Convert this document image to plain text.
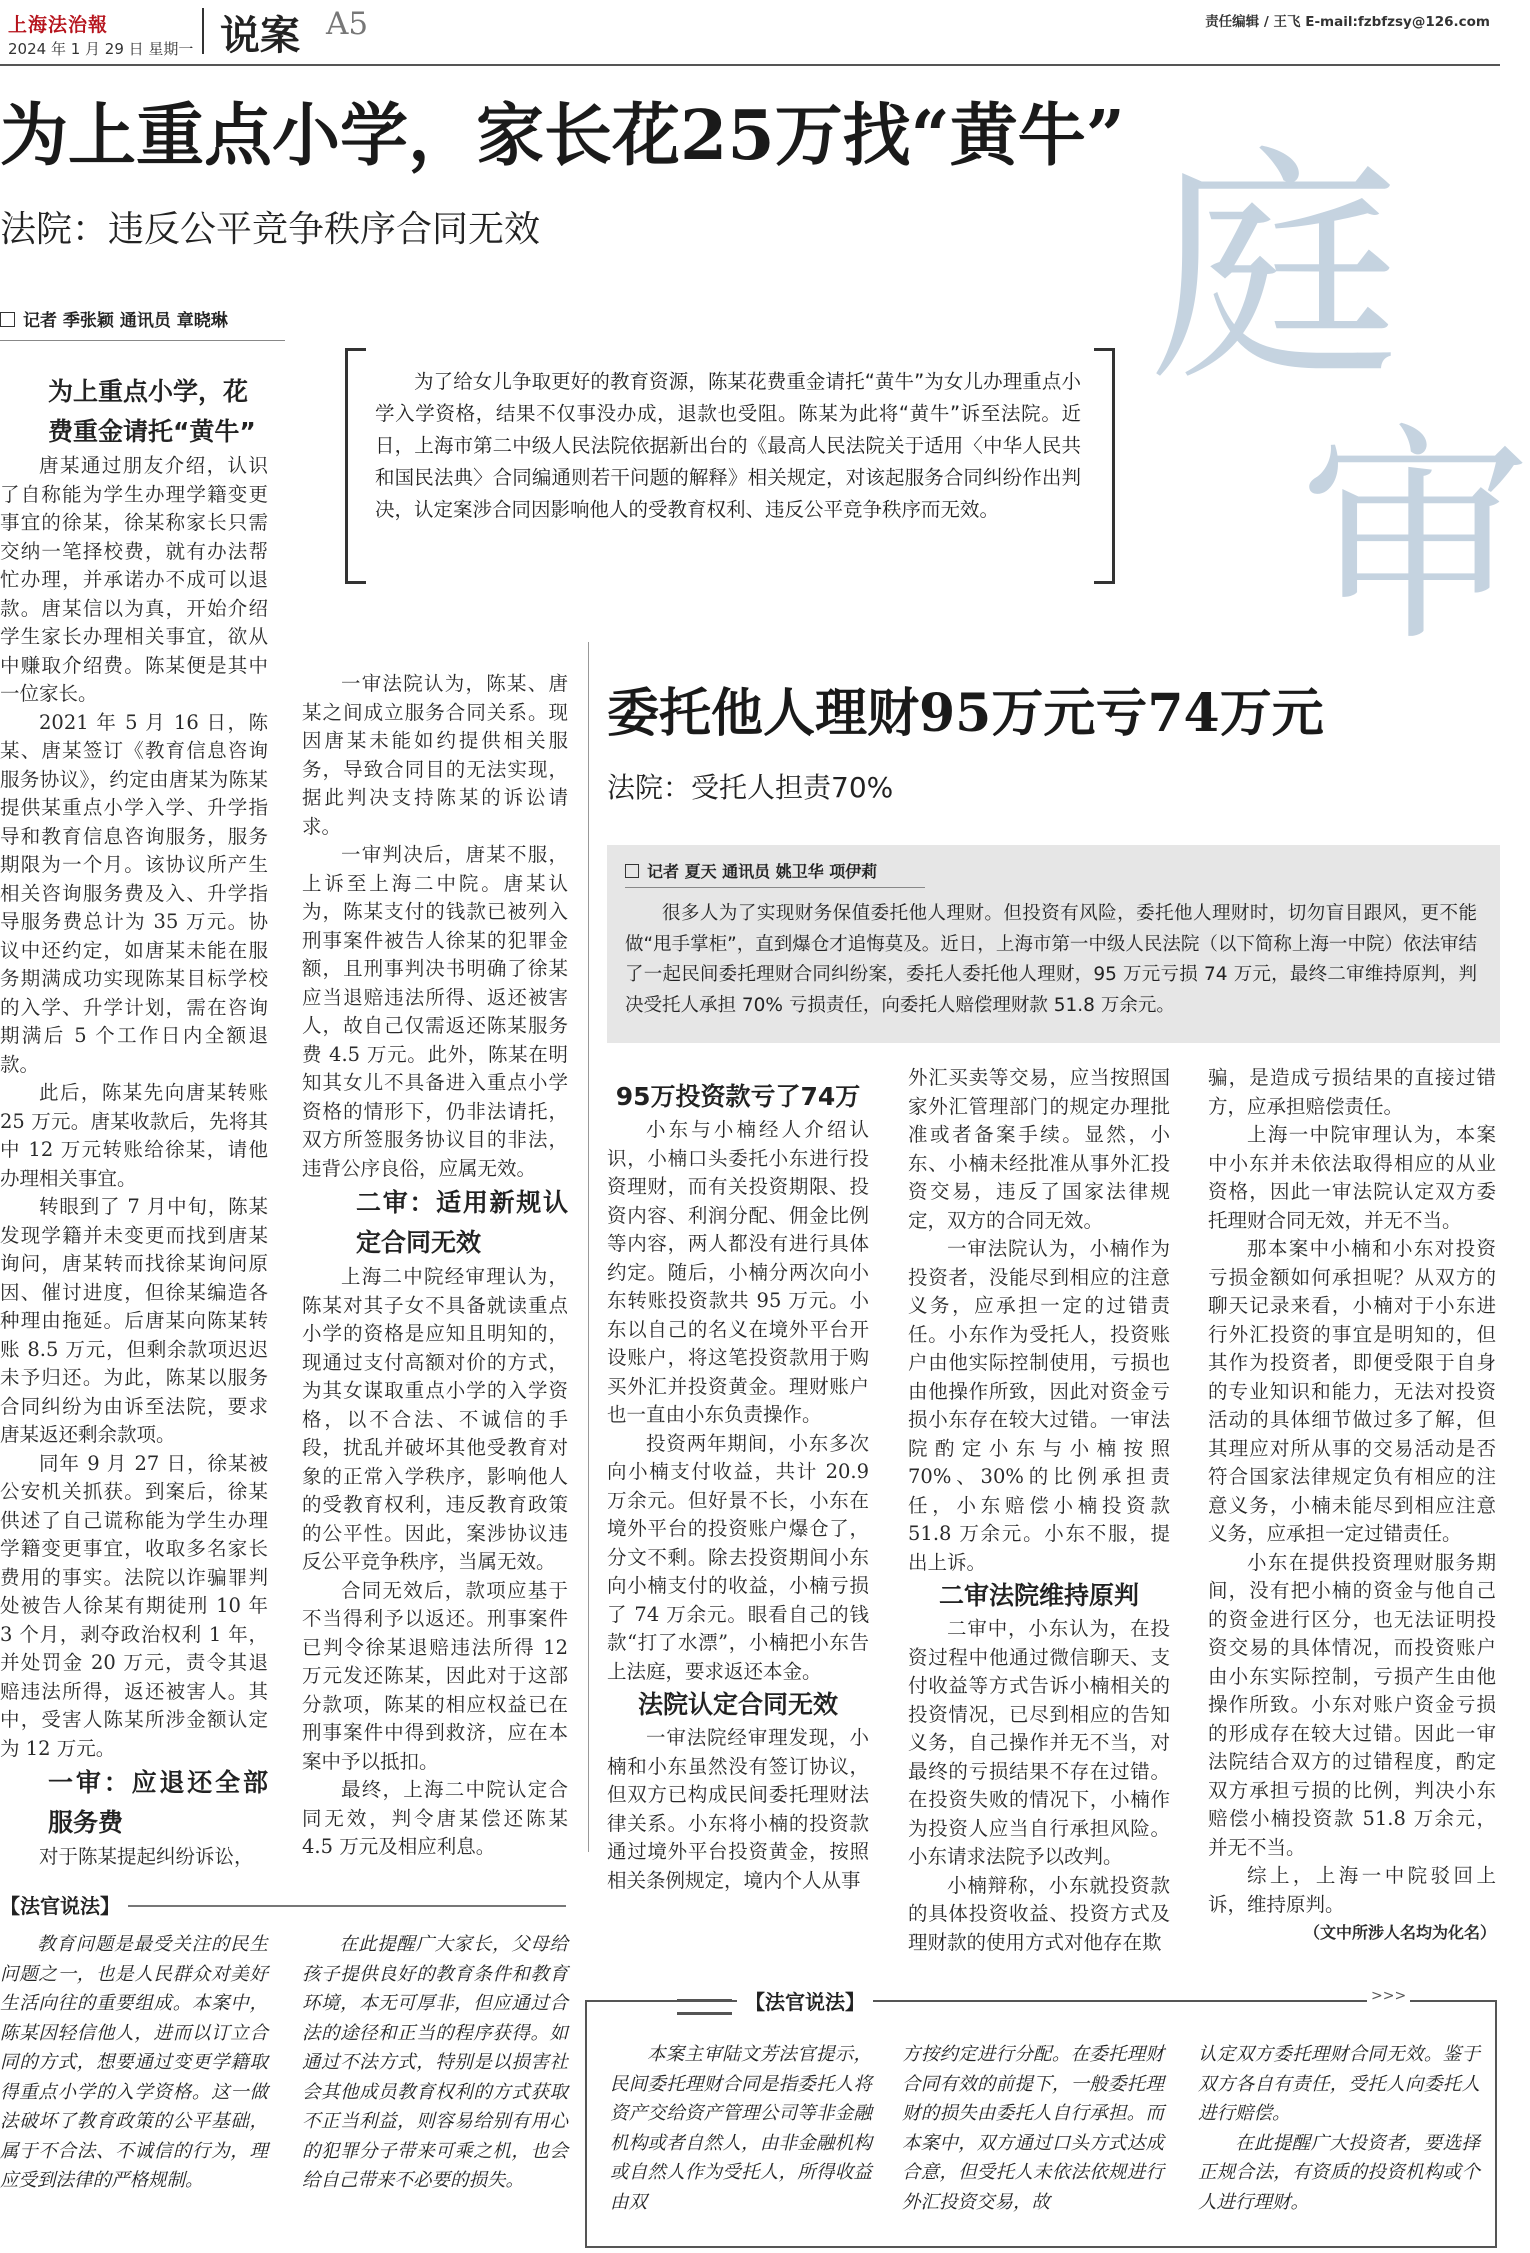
上海法治報
2024 年 1 月 29 日 星期一 说案 A5	责任编辑 / 王飞 E-mail:fzbfzsy@126.com
庭
审
为上重点小学，家长花25万找“黄牛”
法院：违反公平竞争秩序合同无效
记者 季张颖 通讯员 章晓琳
为了给女儿争取更好的教育资源，陈某花费重金请托“黄牛”为女儿办理重点小学入学资格，结果不仅事没办成，退款也受阻。陈某为此将“黄牛”诉至法院。近日，上海市第二中级人民法院依据新出台的《最高人民法院关于适用〈中华人民共和国民法典〉合同编通则若干问题的解释》相关规定，对该起服务合同纠纷作出判决，认定案涉合同因影响他人的受教育权利、违反公平竞争秩序而无效。

为上重点小学，花费重金请托“黄牛”

唐某通过朋友介绍，认识了自称能为学生办理学籍变更事宜的徐某，徐某称家长只需交纳一笔择校费，就有办法帮忙办理，并承诺办不成可以退款。唐某信以为真，开始介绍学生家长办理相关事宜，欲从中赚取介绍费。陈某便是其中一位家长。

2021 年 5 月 16 日，陈某、唐某签订《教育信息咨询服务协议》，约定由唐某为陈某提供某重点小学入学、升学指导和教育信息咨询服务，服务期限为一个月。该协议所产生相关咨询服务费及入、升学指导服务费总计为 35 万元。协议中还约定，如唐某未能在服务期满成功实现陈某目标学校的入学、升学计划，需在咨询期满后 5 个工作日内全额退款。

此后，陈某先向唐某转账 25 万元。唐某收款后，先将其中 12 万元转账给徐某，请他办理相关事宜。

转眼到了 7 月中旬，陈某发现学籍并未变更而找到唐某询问，唐某转而找徐某询问原因、催讨进度，但徐某编造各种理由拖延。后唐某向陈某转账 8.5 万元，但剩余款项迟迟未予归还。为此，陈某以服务合同纠纷为由诉至法院，要求唐某返还剩余款项。

同年 9 月 27 日，徐某被公安机关抓获。到案后，徐某供述了自己谎称能为学生办理学籍变更事宜，收取多名家长费用的事实。法院以诈骗罪判处被告人徐某有期徒刑 10 年 3 个月，剥夺政治权利 1 年，并处罚金 20 万元，责令其退赔违法所得，返还被害人。其中，受害人陈某所涉金额认定为 12 万元。

一审：应退还全部服务费

对于陈某提起纠纷诉讼，

一审法院认为，陈某、唐某之间成立服务合同关系。现因唐某未能如约提供相关服务，导致合同目的无法实现，据此判决支持陈某的诉讼请求。

一审判决后，唐某不服，上诉至上海二中院。唐某认为，陈某支付的钱款已被列入刑事案件被告人徐某的犯罪金额，且刑事判决书明确了徐某应当退赔违法所得、返还被害人，故自己仅需返还陈某服务费 4.5 万元。此外，陈某在明知其女儿不具备进入重点小学资格的情形下，仍非法请托，双方所签服务协议目的非法，违背公序良俗，应属无效。

二审：适用新规认定合同无效

上海二中院经审理认为，陈某对其子女不具备就读重点小学的资格是应知且明知的，现通过支付高额对价的方式，为其女谋取重点小学的入学资格，以不合法、不诚信的手段，扰乱并破坏其他受教育对象的正常入学秩序，影响他人的受教育权利，违反教育政策的公平性。因此，案涉协议违反公平竞争秩序，当属无效。

合同无效后，款项应基于不当得利予以返还。刑事案件已判令徐某退赔违法所得 12 万元发还陈某，因此对于这部分款项，陈某的相应权益已在刑事案件中得到救济，应在本案中予以抵扣。

最终，上海二中院认定合同无效，判令唐某偿还陈某 4.5 万元及相应利息。

【法官说法】

教育问题是最受关注的民生问题之一，也是人民群众对美好生活向往的重要组成。本案中，陈某因轻信他人，进而以订立合同的方式，想要通过变更学籍取得重点小学的入学资格。这一做法破坏了教育政策的公平基础，属于不合法、不诚信的行为，理应受到法律的严格规制。

在此提醒广大家长，父母给孩子提供良好的教育条件和教育环境，本无可厚非，但应通过合法的途径和正当的程序获得。如通过不法方式，特别是以损害社会其他成员教育权利的方式获取不正当利益，则容易给别有用心的犯罪分子带来可乘之机，也会给自己带来不必要的损失。

委托他人理财95万元亏74万元
法院：受托人担责70%
记者 夏天 通讯员 姚卫华 项伊莉
很多人为了实现财务保值委托他人理财。但投资有风险，委托他人理财时，切勿盲目跟风，更不能做“甩手掌柜”，直到爆仓才追悔莫及。近日，上海市第一中级人民法院（以下简称上海一中院）依法审结了一起民间委托理财合同纠纷案，委托人委托他人理财，95 万元亏损 74 万元，最终二审维持原判，判决受托人承担 70% 亏损责任，向委托人赔偿理财款 51.8 万余元。

95万投资款亏了74万

小东与小楠经人介绍认识，小楠口头委托小东进行投资理财，而有关投资期限、投资内容、利润分配、佣金比例等内容，两人都没有进行具体约定。随后，小楠分两次向小东转账投资款共 95 万元。小东以自己的名义在境外平台开设账户，将这笔投资款用于购买外汇并投资黄金。理财账户也一直由小东负责操作。

投资两年期间，小东多次向小楠支付收益，共计 20.9 万余元。但好景不长，小东在境外平台的投资账户爆仓了，分文不剩。除去投资期间小东向小楠支付的收益，小楠亏损了 74 万余元。眼看自己的钱款“打了水漂”，小楠把小东告上法庭，要求返还本金。

法院认定合同无效

一审法院经审理发现，小楠和小东虽然没有签订协议，但双方已构成民间委托理财法律关系。小东将小楠的投资款通过境外平台投资黄金，按照相关条例规定，境内个人从事

外汇买卖等交易，应当按照国家外汇管理部门的规定办理批准或者备案手续。显然，小东、小楠未经批准从事外汇投资交易，违反了国家法律规定，双方的合同无效。

一审法院认为，小楠作为投资者，没能尽到相应的注意义务，应承担一定的过错责任。小东作为受托人，投资账户由他实际控制使用，亏损也由他操作所致，因此对资金亏损小东存在较大过错。一审法院酌定小东与小楠按照 70%、30%的比例承担责任，小东赔偿小楠投资款 51.8 万余元。小东不服，提出上诉。

二审法院维持原判

二审中，小东认为，在投资过程中他通过微信聊天、支付收益等方式告诉小楠相关的投资情况，已尽到相应的告知义务，自己操作并无不当，对最终的亏损结果不存在过错。在投资失败的情况下，小楠作为投资人应当自行承担风险。小东请求法院予以改判。

小楠辩称，小东就投资款的具体投资收益、投资方式及理财款的使用方式对他存在欺

骗，是造成亏损结果的直接过错方，应承担赔偿责任。

上海一中院审理认为，本案中小东并未依法取得相应的从业资格，因此一审法院认定双方委托理财合同无效，并无不当。

那本案中小楠和小东对投资亏损金额如何承担呢？从双方的聊天记录来看，小楠对于小东进行外汇投资的事宜是明知的，但其作为投资者，即便受限于自身的专业知识和能力，无法对投资活动的具体细节做过多了解，但其理应对所从事的交易活动是否符合国家法律规定负有相应的注意义务，小楠未能尽到相应注意义务，应承担一定过错责任。

小东在提供投资理财服务期间，没有把小楠的资金与他自己的资金进行区分，也无法证明投资交易的具体情况，而投资账户由小东实际控制，亏损产生由他操作所致。小东对账户资金亏损的形成存在较大过错。因此一审法院结合双方的过错程度，酌定双方承担亏损的比例，判决小东赔偿小楠投资款 51.8 万余元，并无不当。

综上，上海一中院驳回上诉，维持原判。

（文中所涉人名均为化名）

【法官说法】	>>>

本案主审陆文芳法官提示，民间委托理财合同是指委托人将资产交给资产管理公司等非金融机构或者自然人，由非金融机构或自然人作为受托人，所得收益由双

方按约定进行分配。在委托理财合同有效的前提下，一般委托理财的损失由委托人自行承担。而本案中，双方通过口头方式达成合意，但受托人未依法依规进行外汇投资交易，故

认定双方委托理财合同无效。鉴于双方各自有责任，受托人向委托人进行赔偿。

在此提醒广大投资者，要选择正规合法，有资质的投资机构或个人进行理财。
